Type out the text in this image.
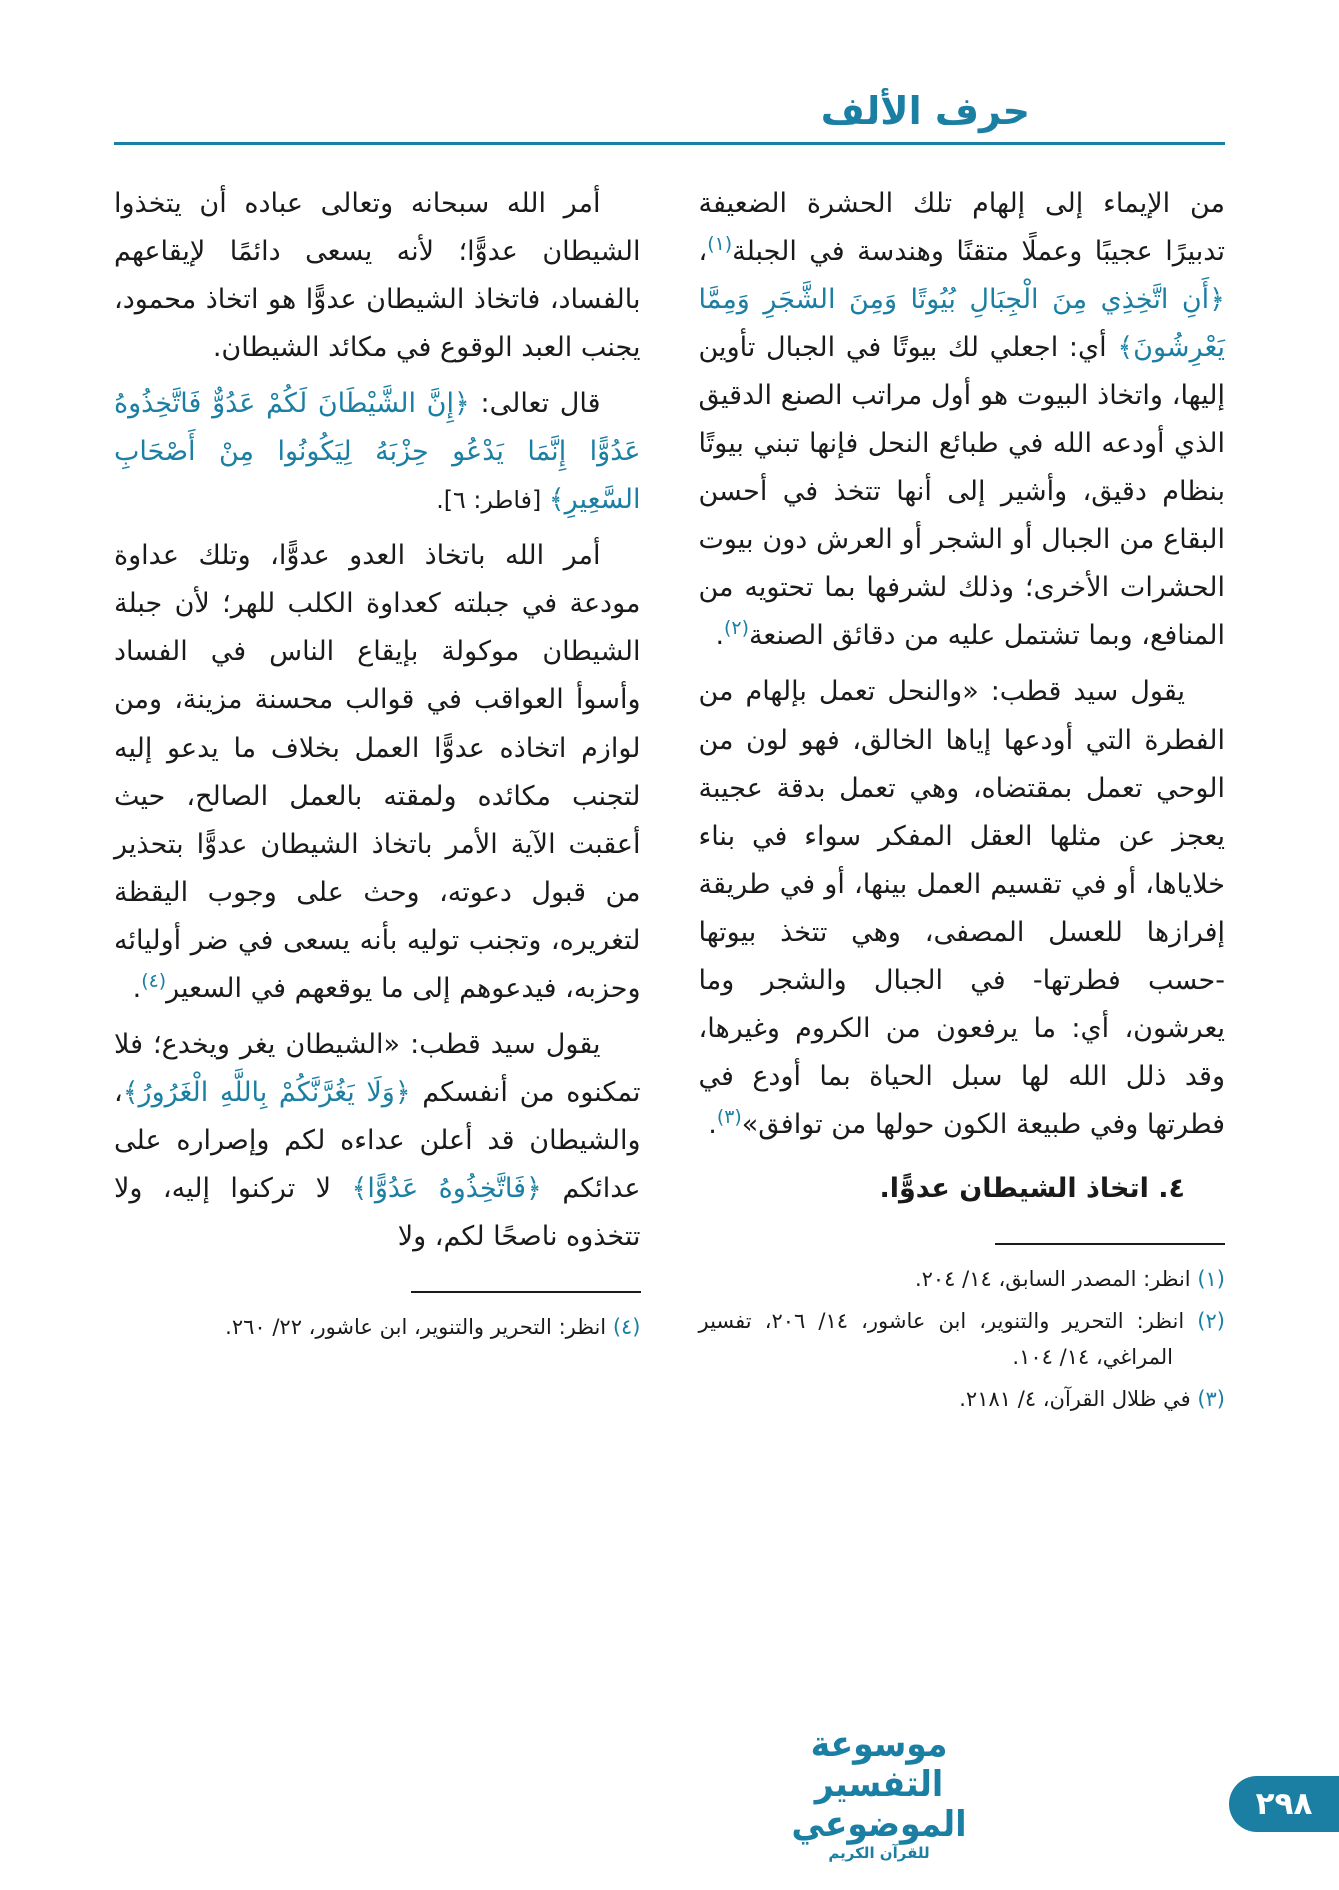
حرف الألف

من الإيماء إلى إلهام تلك الحشرة الضعيفة تدبيرًا عجيبًا وعملًا متقنًا وهندسة في الجبلة$^{(١)}$، ﴿أَنِ اتَّخِذِي مِنَ الْجِبَالِ بُيُوتًا وَمِنَ الشَّجَرِ وَمِمَّا يَعْرِشُونَ﴾ أي: اجعلي لك بيوتًا في الجبال تأوين إليها، واتخاذ البيوت هو أول مراتب الصنع الدقيق الذي أودعه الله في طبائع النحل فإنها تبني بيوتًا بنظام دقيق، وأشير إلى أنها تتخذ في أحسن البقاع من الجبال أو الشجر أو العرش دون بيوت الحشرات الأخرى؛ وذلك لشرفها بما تحتويه من المنافع، وبما تشتمل عليه من دقائق الصنعة$^{(٢)}$.

يقول سيد قطب: «والنحل تعمل بإلهام من الفطرة التي أودعها إياها الخالق، فهو لون من الوحي تعمل بمقتضاه، وهي تعمل بدقة عجيبة يعجز عن مثلها العقل المفكر سواء في بناء خلاياها، أو في تقسيم العمل بينها، أو في طريقة إفرازها للعسل المصفى، وهي تتخذ بيوتها -حسب فطرتها- في الجبال والشجر وما يعرشون، أي: ما يرفعون من الكروم وغيرها، وقد ذلل الله لها سبل الحياة بما أودع في فطرتها وفي طبيعة الكون حولها من توافق»$^{(٣)}$.

٤. اتخاذ الشيطان عدوًّا.

(١) انظر: المصدر السابق، ١٤/ ٢٠٤.

(٢) انظر: التحرير والتنوير، ابن عاشور، ١٤/ ٢٠٦، تفسير المراغي، ١٤/ ١٠٤.

(٣) في ظلال القرآن، ٤/ ٢١٨١.

أمر الله سبحانه وتعالى عباده أن يتخذوا الشيطان عدوًّا؛ لأنه يسعى دائمًا لإيقاعهم بالفساد، فاتخاذ الشيطان عدوًّا هو اتخاذ محمود، يجنب العبد الوقوع في مكائد الشيطان.

قال تعالى: ﴿إِنَّ الشَّيْطَانَ لَكُمْ عَدُوٌّ فَاتَّخِذُوهُ عَدُوًّا إِنَّمَا يَدْعُو حِزْبَهُ لِيَكُونُوا مِنْ أَصْحَابِ السَّعِيرِ﴾ [فاطر: ٦].

أمر الله باتخاذ العدو عدوًّا، وتلك عداوة مودعة في جبلته كعداوة الكلب للهر؛ لأن جبلة الشيطان موكولة بإيقاع الناس في الفساد وأسوأ العواقب في قوالب محسنة مزينة، ومن لوازم اتخاذه عدوًّا العمل بخلاف ما يدعو إليه لتجنب مكائده ولمقته بالعمل الصالح، حيث أعقبت الآية الأمر باتخاذ الشيطان عدوًّا بتحذير من قبول دعوته، وحث على وجوب اليقظة لتغريره، وتجنب توليه بأنه يسعى في ضر أوليائه وحزبه، فيدعوهم إلى ما يوقعهم في السعير$^{(٤)}$.

يقول سيد قطب: «الشيطان يغر ويخدع؛ فلا تمكنوه من أنفسكم ﴿وَلَا يَغُرَّنَّكُمْ بِاللَّهِ الْغَرُورُ﴾، والشيطان قد أعلن عداءه لكم وإصراره على عدائكم ﴿فَاتَّخِذُوهُ عَدُوًّا﴾ لا تركنوا إليه، ولا تتخذوه ناصحًا لكم، ولا

(٤) انظر: التحرير والتنوير، ابن عاشور، ٢٢/ ٢٦٠.

موسوعة التفسير الموضوعي
للقرآن الكريم
٢٩٨
